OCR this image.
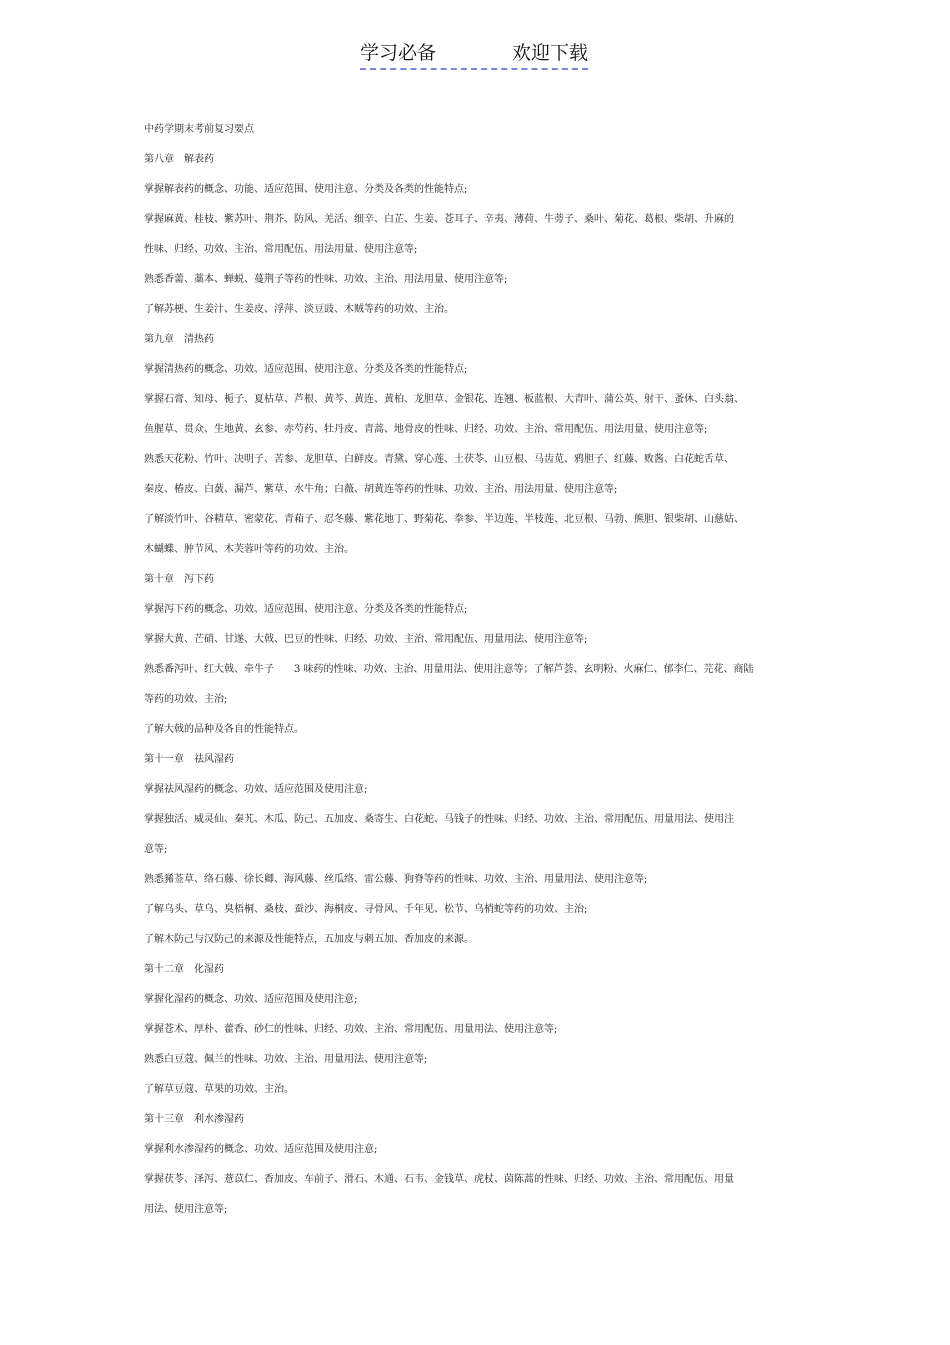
学习必备	欢迎下载
中药学期末考前复习要点
第八章　解表药
掌握解表药的概念、功能、适应范围、使用注意、分类及各类的性能特点;
掌握麻黄、桂枝、紫苏叶、荆芥、防风、羌活、细辛、白芷、生姜、苍耳子、辛夷、薄荷、牛蒡子、桑叶、菊花、葛根、柴胡、升麻的
性味、归经、功效、主治、常用配伍、用法用量、使用注意等;
熟悉香薷、藁本、蝉蜕、蔓荆子等药的性味、功效、主治、用法用量、使用注意等;
了解苏梗、生姜汁、生姜皮、浮萍、淡豆豉、木贼等药的功效、主治。
第九章　清热药
掌握清热药的概念、功效、适应范围、使用注意、分类及各类的性能特点;
掌握石膏、知母、栀子、夏枯草、芦根、黄芩、黄连、黄柏、龙胆草、金银花、连翘、板蓝根、大青叶、蒲公英、射干、蚤休、白头翁、
鱼腥草、贯众、生地黄、玄参、赤芍药、牡丹皮、青蒿、地骨皮的性味、归经、功效、主治、常用配伍、用法用量、使用注意等;
熟悉天花粉、竹叶、决明子、苦参、龙胆草、白鲜皮。青黛、穿心莲、土茯苓、山豆根、马齿苋、鸦胆子、红藤、败酱、白花蛇舌草、
秦皮、椿皮、白蔹、漏芦、紫草、水牛角；白薇、胡黄连等药的性味、功效、主治、用法用量、使用注意等;
了解淡竹叶、谷精草、密蒙花、青葙子、忍冬藤、紫花地丁、野菊花、拳参、半边莲、半枝莲、北豆根、马勃、熊胆、银柴胡、山慈姑、
木蝴蝶、肿节风、木芙蓉叶等药的功效、主治。
第十章　泻下药
掌握泻下药的概念、功效、适应范围、使用注意、分类及各类的性能特点;
掌握大黄、芒硝、甘遂、大戟、巴豆的性味、归经、功效、主治、常用配伍、用量用法、使用注意等;
熟悉番泻叶、红大戟、牵牛子　　3 味药的性味、功效、主治、用量用法、使用注意等；了解芦荟、玄明粉、火麻仁、郁李仁、芫花、商陆
等药的功效、主治;
了解大戟的品种及各自的性能特点。
第十一章　祛风湿药
掌握祛风湿药的概念、功效、适应范围及使用注意;
掌握独活、威灵仙、秦艽、木瓜、防己、五加皮、桑寄生、白花蛇、马钱子的性味、归经、功效、主治、常用配伍、用量用法、使用注
意等;
熟悉豨莶草、络石藤、徐长卿、海风藤、丝瓜络、雷公藤、狗脊等药的性味、功效、主治、用量用法、使用注意等;
了解乌头、草乌、臭梧桐、桑枝、蚕沙、海桐皮、寻骨风、千年见、松节、乌梢蛇等药的功效、主治;
了解木防己与汉防己的来源及性能特点，五加皮与刺五加、香加皮的来源。
第十二章　化湿药
掌握化湿药的概念、功效、适应范围及使用注意;
掌握苍术、厚朴、藿香、砂仁的性味、归经、功效、主治、常用配伍、用量用法、使用注意等;
熟悉白豆蔻、佩兰的性味、功效、主治、用量用法、使用注意等;
了解草豆蔻、草果的功效、主治。
第十三章　利水渗湿药
掌握利水渗湿药的概念、功效、适应范围及使用注意;
掌握茯苓、泽泻、薏苡仁、香加皮、车前子、滑石、木通、石韦、金钱草、虎杖、茵陈蒿的性味、归经、功效、主治、常用配伍、用量
用法、使用注意等;
